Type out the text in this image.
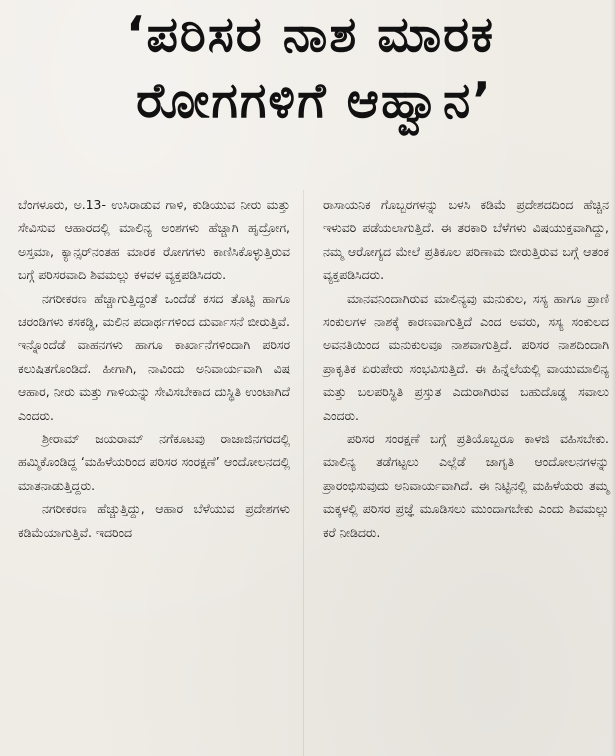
‘ಪರಿಸರ ನಾಶ ಮಾರಕ
ರೋಗಗಳಿಗೆ ಆಹ್ವಾನ’

ಬೆಂಗಳೂರು, ಅ.13- ಉಸಿರಾಡುವ ಗಾಳಿ, ಕುಡಿಯುವ ನೀರು ಮತ್ತು ಸೇವಿಸುವ ಆಹಾರದಲ್ಲಿ ಮಾಲಿನ್ಯ ಅಂಶಗಳು ಹೆಚ್ಚಾಗಿ ಹೃದ್ರೋಗ, ಅಸ್ತಮಾ, ಕ್ಯಾನ್ಸರ್‌ನಂತಹ ಮಾರಕ ರೋಗಗಳು ಕಾಣಿಸಿಕೊಳ್ಳುತ್ತಿರುವ ಬಗ್ಗೆ ಪರಿಸರವಾದಿ ಶಿವಮಲ್ಲು ಕಳವಳ ವ್ಯಕ್ತಪಡಿಸಿದರು.

ನಗರೀಕರಣ ಹೆಚ್ಚಾಗುತ್ತಿದ್ದಂತೆ ಒಂದೆಡೆ ಕಸದ ತೊಟ್ಟಿ ಹಾಗೂ ಚರಂಡಿಗಳು ಕಸಕಡ್ಡಿ, ಮಲಿನ ಪದಾರ್ಥಗಳಿಂದ ದುರ್ವಾಸನೆ ಬೀರುತ್ತಿವೆ. ಇನ್ನೊಂದೆಡೆ ವಾಹನಗಳು ಹಾಗೂ ಕಾರ್ಖಾನೆಗಳಿಂದಾಗಿ ಪರಿಸರ ಕಲುಷಿತಗೊಂಡಿದೆ. ಹೀಗಾಗಿ, ನಾವಿಂದು ಅನಿವಾರ್ಯವಾಗಿ ವಿಷ ಆಹಾರ, ನೀರು ಮತ್ತು ಗಾಳಿಯನ್ನು ಸೇವಿಸಬೇಕಾದ ದುಸ್ಥಿತಿ ಉಂಟಾಗಿದೆ ಎಂದರು.

ಶ್ರೀರಾಮ್ ಜಯರಾಮ್ ನಗೆಕೂಟವು ರಾಜಾಜಿನಗರದಲ್ಲಿ ಹಮ್ಮಿಕೊಂಡಿದ್ದ ‘ಮಹಿಳೆಯರಿಂದ ಪರಿಸರ ಸಂರಕ್ಷಣೆ’ ಆಂದೋಲನದಲ್ಲಿ ಮಾತನಾಡುತ್ತಿದ್ದರು.

ನಗರೀಕರಣ ಹೆಚ್ಚುತ್ತಿದ್ದು, ಆಹಾರ ಬೆಳೆಯುವ ಪ್ರದೇಶಗಳು ಕಡಿಮೆಯಾಗುತ್ತಿವೆ. ಇದರಿಂದ

ರಾಸಾಯನಿಕ ಗೊಬ್ಬರಗಳನ್ನು ಬಳಸಿ ಕಡಿಮೆ ಪ್ರದೇಶದದಿಂದ ಹೆಚ್ಚಿನ ಇಳುವರಿ ಪಡೆಯಲಾಗುತ್ತಿದೆ. ಈ ತರಕಾರಿ ಬೆಳೆಗಳು ವಿಷಯುಕ್ತವಾಗಿದ್ದು, ನಮ್ಮ ಆರೋಗ್ಯದ ಮೇಲೆ ಪ್ರತಿಕೂಲ ಪರಿಣಾಮ ಬೀರುತ್ತಿರುವ ಬಗ್ಗೆ ಆತಂಕ ವ್ಯಕ್ತಪಡಿಸಿದರು.

ಮಾನವನಿಂದಾಗಿರುವ ಮಾಲಿನ್ಯವು ಮನುಕುಲ, ಸಸ್ಯ ಹಾಗೂ ಪ್ರಾಣಿ ಸಂಕುಲಗಳ ನಾಶಕ್ಕೆ ಕಾರಣವಾಗುತ್ತಿದೆ ಎಂದ ಅವರು, ಸಸ್ಯ ಸಂಕುಲದ ಅವನತಿಯಿಂದ ಮನುಕುಲವೂ ನಾಶವಾಗುತ್ತಿದೆ. ಪರಿಸರ ನಾಶದಿಂದಾಗಿ ಪ್ರಾಕೃತಿಕ ಏರುಪೇರು ಸಂಭವಿಸುತ್ತಿದೆ. ಈ ಹಿನ್ನೆಲೆಯಲ್ಲಿ ವಾಯುಮಾಲಿನ್ಯ ಮತ್ತು ಬಲಪರಿಸ್ಥಿತಿ ಪ್ರಸ್ತುತ ಎದುರಾಗಿರುವ ಬಹುದೊಡ್ಡ ಸವಾಲು ಎಂದರು.

ಪರಿಸರ ಸಂರಕ್ಷಣೆ ಬಗ್ಗೆ ಪ್ರತಿಯೊಬ್ಬರೂ ಕಾಳಜಿ ವಹಿಸಬೇಕು. ಮಾಲಿನ್ಯ ತಡೆಗಟ್ಟಲು ಎಲ್ಲೆಡೆ ಜಾಗೃತಿ ಆಂದೋಲನಗಳನ್ನು ಪ್ರಾರಂಭಿಸುವುದು ಅನಿವಾರ್ಯವಾಗಿದೆ. ಈ ನಿಟ್ಟಿನಲ್ಲಿ ಮಹಿಳೆಯರು ತಮ್ಮ ಮಕ್ಕಳಲ್ಲಿ ಪರಿಸರ ಪ್ರಜ್ಞೆ ಮೂಡಿಸಲು ಮುಂದಾಗಬೇಕು ಎಂದು ಶಿವಮಲ್ಲು ಕರೆ ನೀಡಿದರು.
